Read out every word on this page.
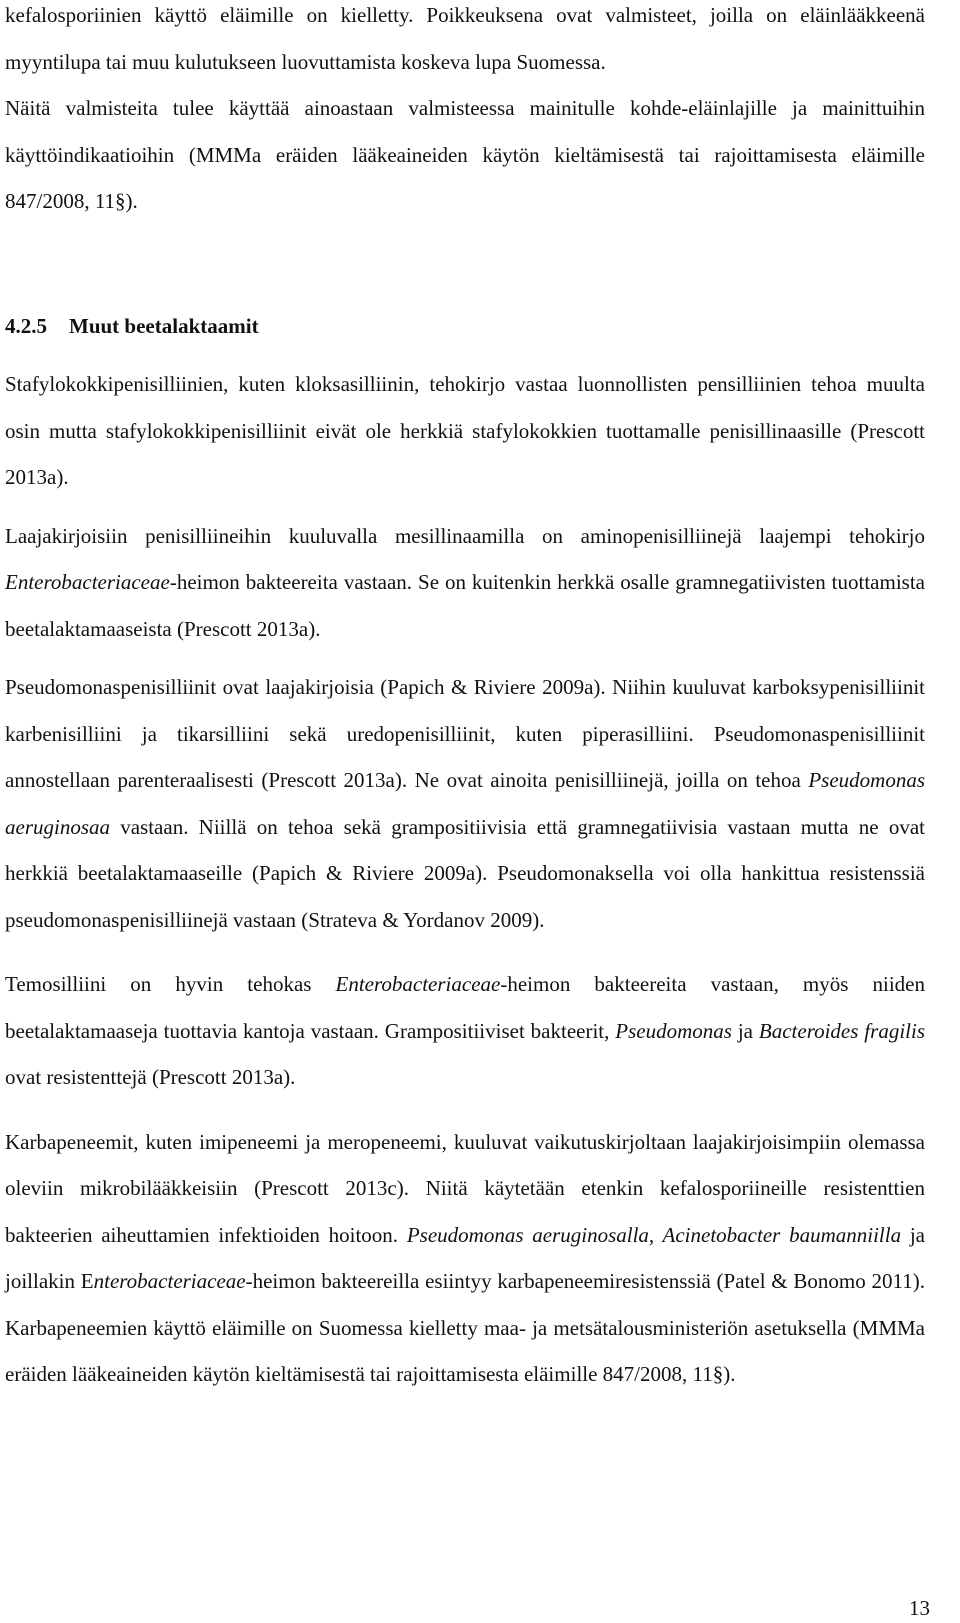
kefalosporiinien käyttö eläimille on kielletty. Poikkeuksena ovat valmisteet, joilla on eläinlääkkeenä myyntilupa tai muu kulutukseen luovuttamista koskeva lupa Suomessa.

Näitä valmisteita tulee käyttää ainoastaan valmisteessa mainitulle kohde-eläinlajille ja mainittuihin käyttöindikaatioihin (MMMa eräiden lääkeaineiden käytön kieltämisestä tai rajoittamisesta eläimille 847/2008, 11§).

4.2.5 Muut beetalaktaamit

Stafylokokkipenisilliinien, kuten kloksasilliinin, tehokirjo vastaa luonnollisten pensilliinien tehoa muulta osin mutta stafylokokkipenisilliinit eivät ole herkkiä stafylokokkien tuottamalle penisillinaasille (Prescott 2013a).

Laajakirjoisiin penisilliineihin kuuluvalla mesillinaamilla on aminopenisilliinejä laajempi tehokirjo Enterobacteriaceae-heimon bakteereita vastaan. Se on kuitenkin herkkä osalle gramnegatiivisten tuottamista beetalaktamaaseista (Prescott 2013a).

Pseudomonaspenisilliinit ovat laajakirjoisia (Papich & Riviere 2009a). Niihin kuuluvat karboksypenisilliinit karbenisilliini ja tikarsilliini sekä uredopenisilliinit, kuten piperasilliini. Pseudomonaspenisilliinit annostellaan parenteraalisesti (Prescott 2013a). Ne ovat ainoita penisilliinejä, joilla on tehoa Pseudomonas aeruginosaa vastaan. Niillä on tehoa sekä grampositiivisia että gramnegatiivisia vastaan mutta ne ovat herkkiä beetalaktamaaseille (Papich & Riviere 2009a). Pseudomonaksella voi olla hankittua resistenssiä pseudomonaspenisilliinejä vastaan (Strateva & Yordanov 2009).

Temosilliini on hyvin tehokas Enterobacteriaceae-heimon bakteereita vastaan, myös niiden beetalaktamaaseja tuottavia kantoja vastaan. Grampositiiviset bakteerit, Pseudomonas ja Bacteroides fragilis ovat resistenttejä (Prescott 2013a).

Karbapeneemit, kuten imipeneemi ja meropeneemi, kuuluvat vaikutuskirjoltaan laajakirjoisimpiin olemassa oleviin mikrobilääkkeisiin (Prescott 2013c). Niitä käytetään etenkin kefalosporiineille resistenttien bakteerien aiheuttamien infektioiden hoitoon. Pseudomonas aeruginosalla, Acinetobacter baumanniilla ja joillakin Enterobacteriaceae-heimon bakteereilla esiintyy karbapeneemiresistenssiä (Patel & Bonomo 2011). Karbapeneemien käyttö eläimille on Suomessa kielletty maa- ja metsätalousministeriön asetuksella (MMMa eräiden lääkeaineiden käytön kieltämisestä tai rajoittamisesta eläimille 847/2008, 11§).

13
